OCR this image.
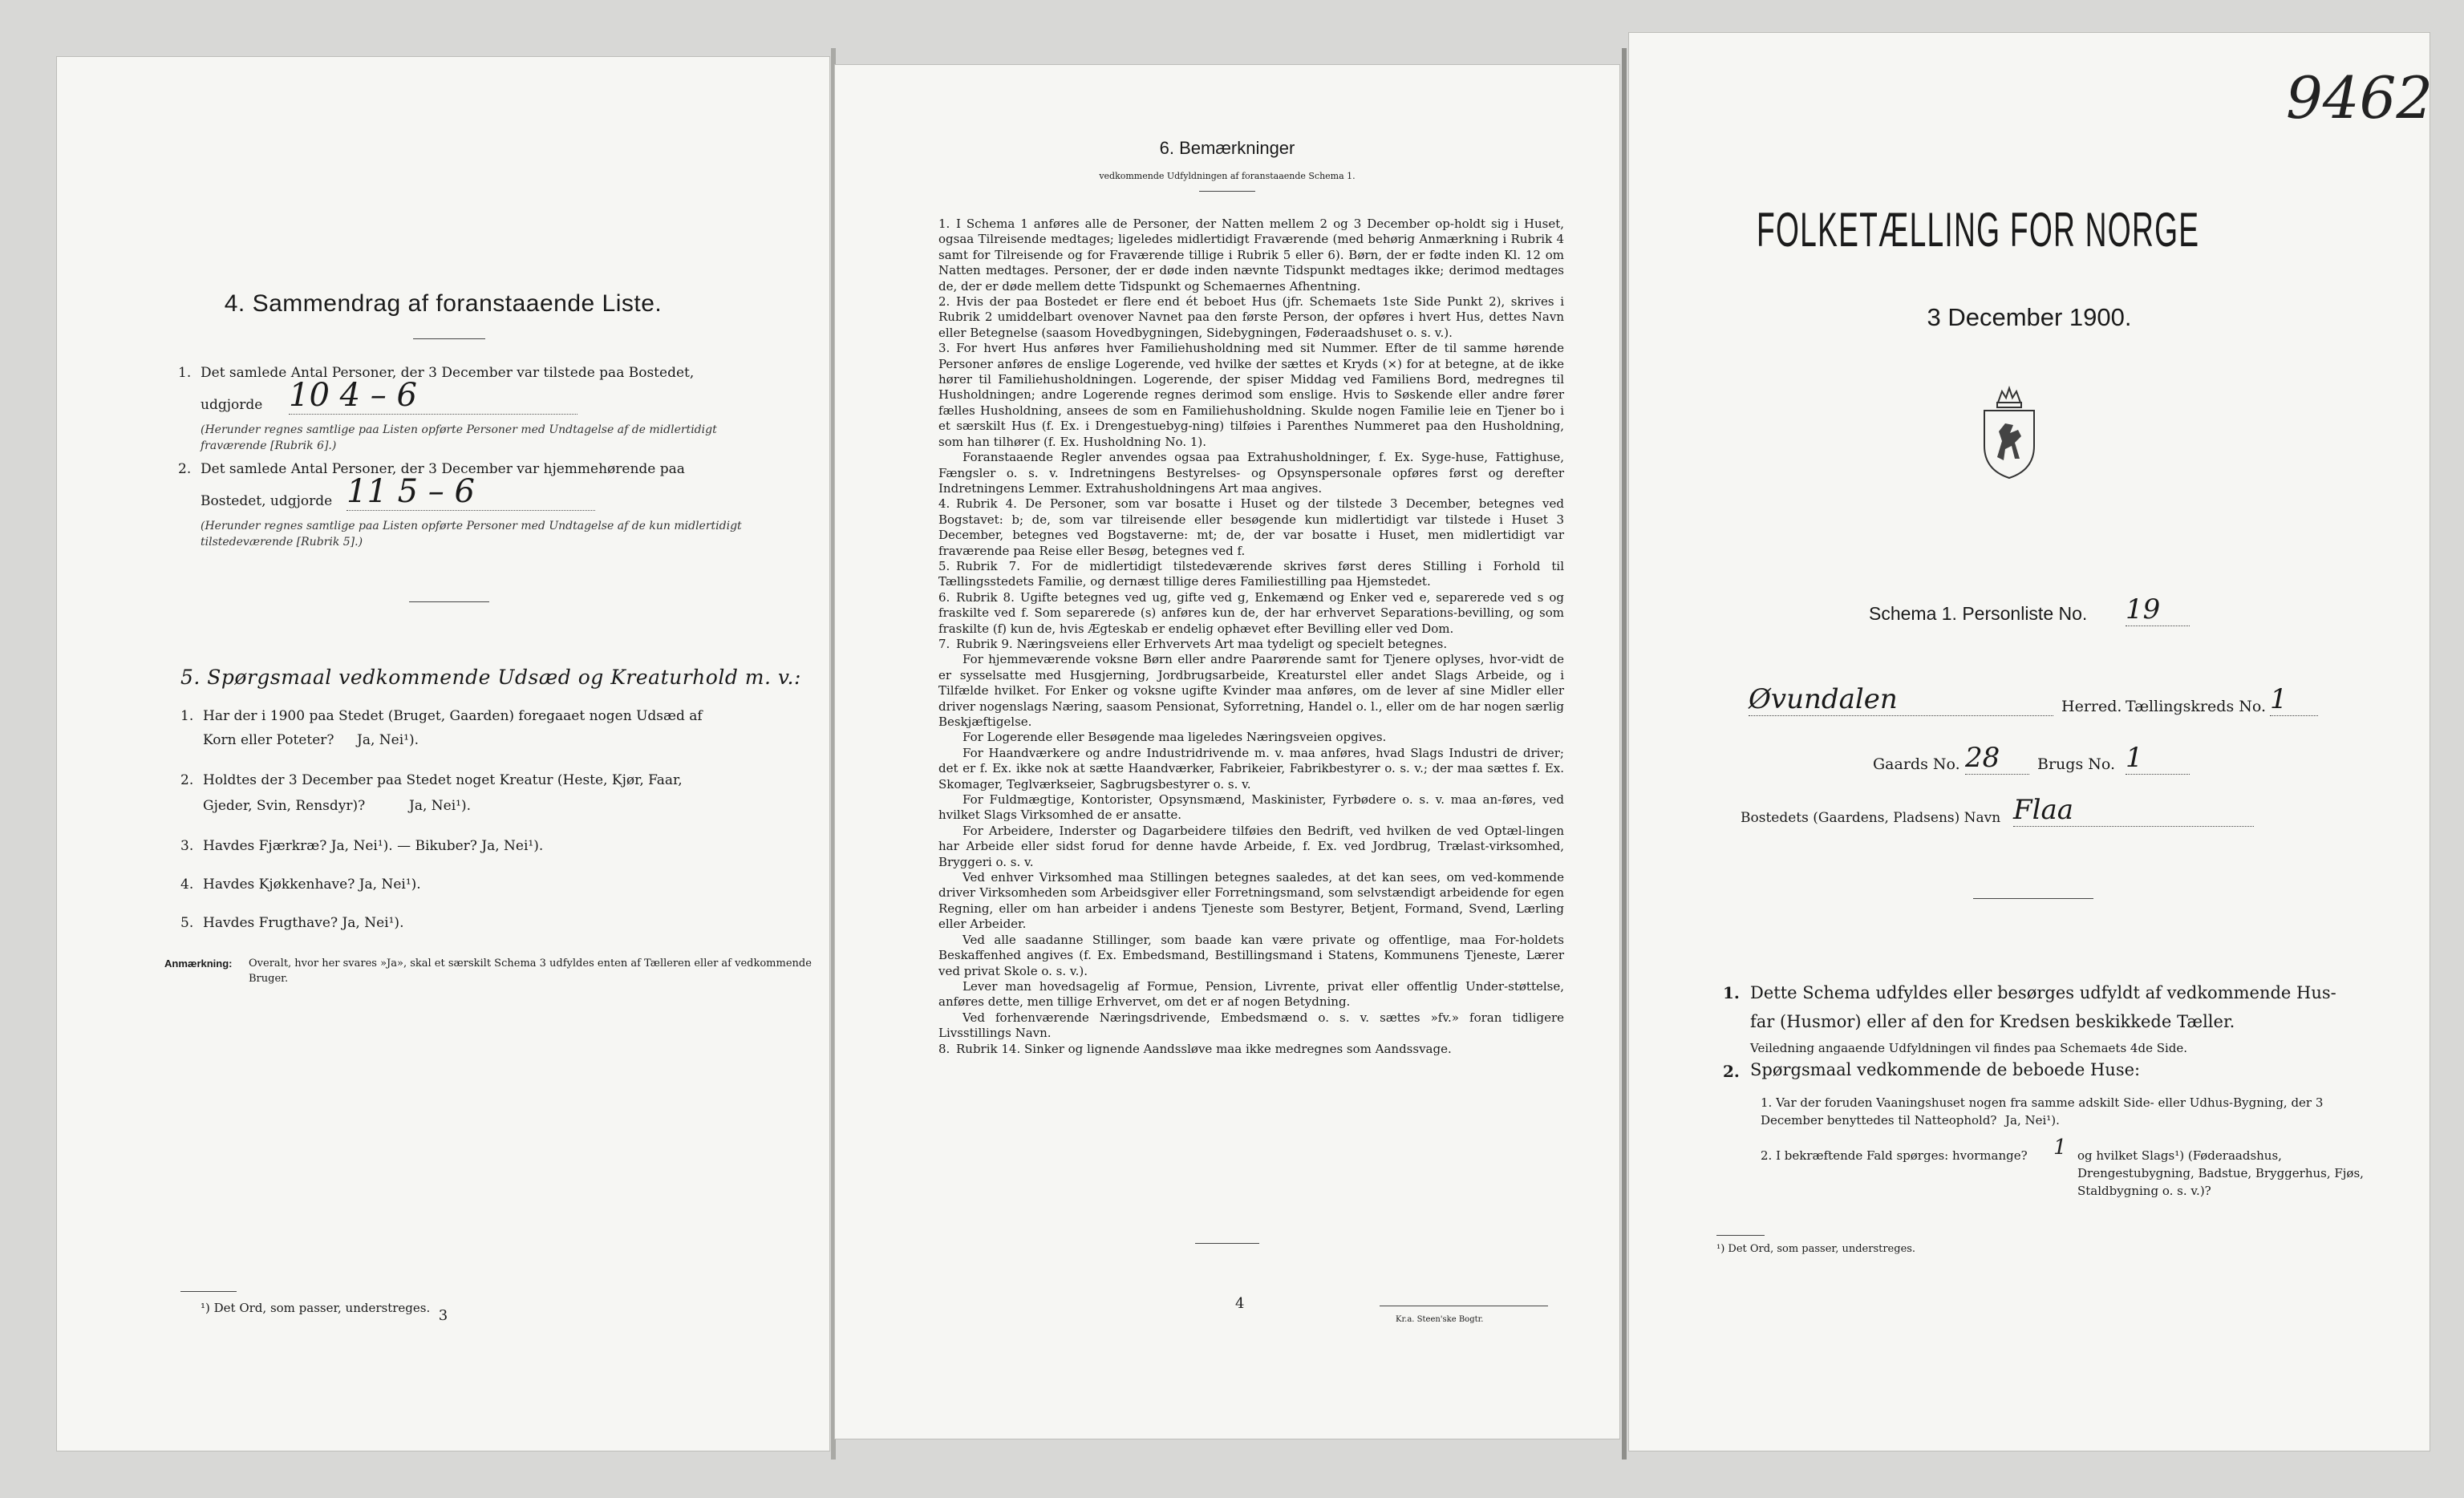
4. Sammendrag af foranstaaende Liste.
1. Det samlede Antal Personer, der 3 December var tilstede paa Bostedet,
udgjorde 10 4 – 6
(Herunder regnes samtlige paa Listen opførte Personer med Undtagelse af de midlertidigt fraværende [Rubrik 6].)
2. Det samlede Antal Personer, der 3 December var hjemmehørende paa
Bostedet, udgjorde 11 5 – 6
(Herunder regnes samtlige paa Listen opførte Personer med Undtagelse af de kun midlertidigt tilstedeværende [Rubrik 5].)
5. Spørgsmaal vedkommende Udsæd og Kreaturhold m. v.:
1. Har der i 1900 paa Stedet (Bruget, Gaarden) foregaaet nogen Udsæd af
Korn eller Poteter? Ja, Nei¹).
2. Holdtes der 3 December paa Stedet noget Kreatur (Heste, Kjør, Faar,
Gjeder, Svin, Rensdyr)?	Ja, Nei¹).
3. Havdes Fjærkræ? Ja, Nei¹). — Bikuber? Ja, Nei¹).
4. Havdes Kjøkkenhave? Ja, Nei¹).
5. Havdes Frugthave? Ja, Nei¹).
Anmærkning: Overalt, hvor her svares »Ja», skal et særskilt Schema 3 udfyldes enten af Tælleren eller af vedkommende Bruger.
¹) Det Ord, som passer, understreges. 3
6. Bemærkninger
vedkommende Udfyldningen af foranstaaende Schema 1.

1. I Schema 1 anføres alle de Personer, der Natten mellem 2 og 3 December op-holdt sig i Huset, ogsaa Tilreisende medtages; ligeledes midlertidigt Fraværende (med behørig Anmærkning i Rubrik 4 samt for Tilreisende og for Fraværende tillige i Rubrik 5 eller 6). Børn, der er fødte inden Kl. 12 om Natten medtages. Personer, der er døde inden nævnte Tidspunkt medtages ikke; derimod medtages de, der er døde mellem dette Tidspunkt og Schemaernes Afhentning.

2. Hvis der paa Bostedet er flere end ét beboet Hus (jfr. Schemaets 1ste Side Punkt 2), skrives i Rubrik 2 umiddelbart ovenover Navnet paa den første Person, der opføres i hvert Hus, dettes Navn eller Betegnelse (saasom Hovedbygningen, Sidebygningen, Føderaadshuset o. s. v.).

3. For hvert Hus anføres hver Familiehusholdning med sit Nummer. Efter de til samme hørende Personer anføres de enslige Logerende, ved hvilke der sættes et Kryds (×) for at betegne, at de ikke hører til Familiehusholdningen. Logerende, der spiser Middag ved Familiens Bord, medregnes til Husholdningen; andre Logerende regnes derimod som enslige. Hvis to Søskende eller andre fører fælles Husholdning, ansees de som en Familiehusholdning. Skulde nogen Familie leie en Tjener bo i et særskilt Hus (f. Ex. i Drengestuebyg-ning) tilføies i Parenthes Nummeret paa den Husholdning, som han tilhører (f. Ex. Husholdning No. 1).

Foranstaaende Regler anvendes ogsaa paa Extrahusholdninger, f. Ex. Syge-huse, Fattighuse, Fængsler o. s. v. Indretningens Bestyrelses- og Opsynspersonale opføres først og derefter Indretningens Lemmer. Extrahusholdningens Art maa angives.

4. Rubrik 4. De Personer, som var bosatte i Huset og der tilstede 3 December, betegnes ved Bogstavet: b; de, som var tilreisende eller besøgende kun midlertidigt var tilstede i Huset 3 December, betegnes ved Bogstaverne: mt; de, der var bosatte i Huset, men midlertidigt var fraværende paa Reise eller Besøg, betegnes ved f.

5. Rubrik 7. For de midlertidigt tilstedeværende skrives først deres Stilling i Forhold til Tællingsstedets Familie, og dernæst tillige deres Familiestilling paa Hjemstedet.

6. Rubrik 8. Ugifte betegnes ved ug, gifte ved g, Enkemænd og Enker ved e, separerede ved s og fraskilte ved f. Som separerede (s) anføres kun de, der har erhvervet Separations-bevilling, og som fraskilte (f) kun de, hvis Ægteskab er endelig ophævet efter Bevilling eller ved Dom.

7. Rubrik 9. Næringsveiens eller Erhvervets Art maa tydeligt og specielt betegnes.

For hjemmeværende voksne Børn eller andre Paarørende samt for Tjenere oplyses, hvor-vidt de er sysselsatte med Husgjerning, Jordbrugsarbeide, Kreaturstel eller andet Slags Arbeide, og i Tilfælde hvilket. For Enker og voksne ugifte Kvinder maa anføres, om de lever af sine Midler eller driver nogenslags Næring, saasom Pensionat, Syforretning, Handel o. l., eller om de har nogen særlig Beskjæftigelse.

For Logerende eller Besøgende maa ligeledes Næringsveien opgives.

For Haandværkere og andre Industridrivende m. v. maa anføres, hvad Slags Industri de driver; det er f. Ex. ikke nok at sætte Haandværker, Fabrikeier, Fabrikbestyrer o. s. v.; der maa sættes f. Ex. Skomager, Teglværkseier, Sagbrugsbestyrer o. s. v.

For Fuldmægtige, Kontorister, Opsynsmænd, Maskinister, Fyrbødere o. s. v. maa an-føres, ved hvilket Slags Virksomhed de er ansatte.

For Arbeidere, Inderster og Dagarbeidere tilføies den Bedrift, ved hvilken de ved Optæl-lingen har Arbeide eller sidst forud for denne havde Arbeide, f. Ex. ved Jordbrug, Trælast-virksomhed, Bryggeri o. s. v.

Ved enhver Virksomhed maa Stillingen betegnes saaledes, at det kan sees, om ved-kommende driver Virksomheden som Arbeidsgiver eller Forretningsmand, som selvstændigt arbeidende for egen Regning, eller om han arbeider i andens Tjeneste som Bestyrer, Betjent, Formand, Svend, Lærling eller Arbeider.

Ved alle saadanne Stillinger, som baade kan være private og offentlige, maa For-holdets Beskaffenhed angives (f. Ex. Embedsmand, Bestillingsmand i Statens, Kommunens Tjeneste, Lærer ved privat Skole o. s. v.).

Lever man hovedsagelig af Formue, Pension, Livrente, privat eller offentlig Under-støttelse, anføres dette, men tillige Erhvervet, om det er af nogen Betydning.

Ved forhenværende Næringsdrivende, Embedsmænd o. s. v. sættes »fv.» foran tidligere Livsstillings Navn.

8. Rubrik 14. Sinker og lignende Aandssløve maa ikke medregnes som Aandssvage.

4
Kr.a. Steen'ske Bogtr.
9462
FOLKETÆLLING FOR NORGE
3 December 1900.
Schema 1. Personliste No. 19
Øvundalen	Herred. Tællingskreds No. 1
Gaards No. 28	Brugs No. 1
Bostedets (Gaardens, Pladsens) Navn Flaa
1. Dette Schema udfyldes eller besørges udfyldt af vedkommende Hus-far (Husmor) eller af den for Kredsen beskikkede Tæller.
Veiledning angaaende Udfyldningen vil findes paa Schemaets 4de Side.
2. Spørgsmaal vedkommende de beboede Huse:
1. Var der foruden Vaaningshuset nogen fra samme adskilt Side- eller Udhus-Bygning, der 3 December benyttedes til Natteophold? Ja, Nei¹).
2. I bekræftende Fald spørges: hvormange? 1 og hvilket Slags¹) (Føderaadshus, Drengestubygning, Badstue, Bryggerhus, Fjøs, Staldbygning o. s. v.)?
¹) Det Ord, som passer, understreges.
